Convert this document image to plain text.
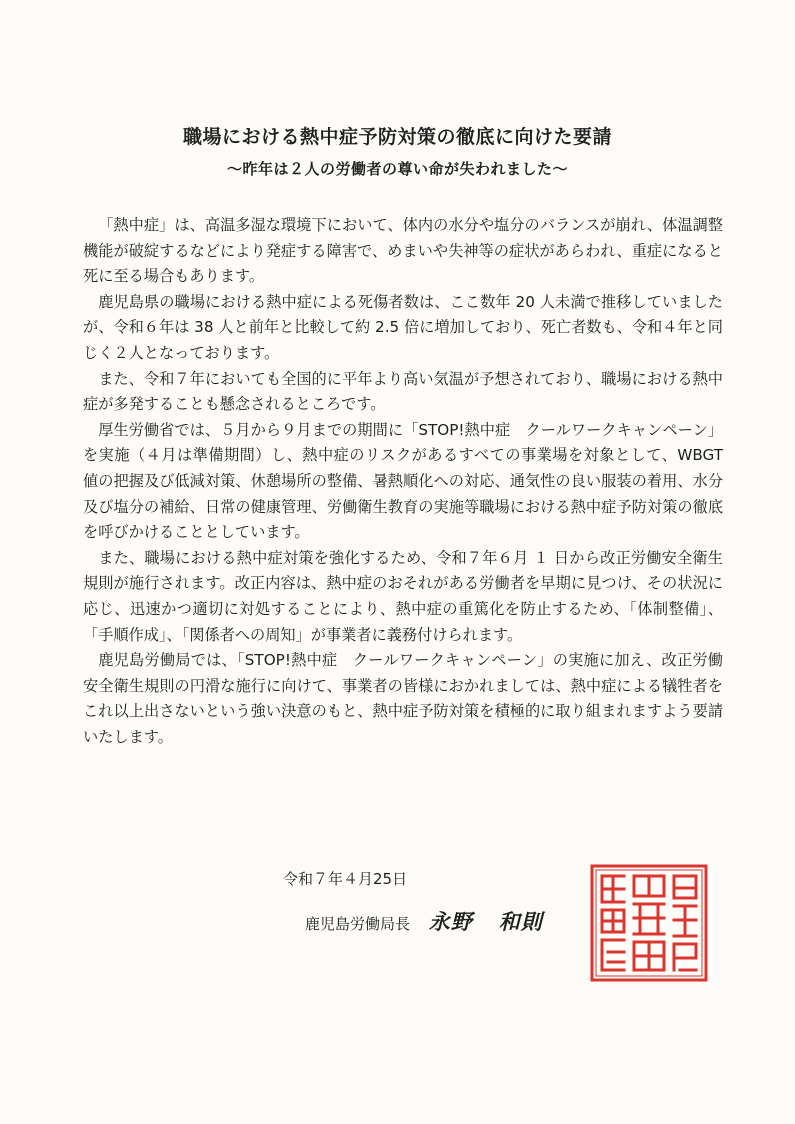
職場における熱中症予防対策の徹底に向けた要請
～昨年は２人の労働者の尊い命が失われました～

「熱中症」は、高温多湿な環境下において、体内の水分や塩分のバランスが崩れ、体温調整機能が破綻するなどにより発症する障害で、めまいや失神等の症状があらわれ、重症になると死に至る場合もあります。

鹿児島県の職場における熱中症による死傷者数は、ここ数年 20 人未満で推移していましたが、令和６年は 38 人と前年と比較して約 2.5 倍に増加しており、死亡者数も、令和４年と同じく２人となっております。

また、令和７年においても全国的に平年より高い気温が予想されており、職場における熱中症が多発することも懸念されるところです。

厚生労働省では、５月から９月までの期間に「STOP!熱中症　クールワークキャンペーン」を実施（４月は準備期間）し、熱中症のリスクがあるすべての事業場を対象として、WBGT 値の把握及び低減対策、休憩場所の整備、暑熱順化への対応、通気性の良い服装の着用、水分及び塩分の補給、日常の健康管理、労働衛生教育の実施等職場における熱中症予防対策の徹底を呼びかけることとしています。

また、職場における熱中症対策を強化するため、令和７年６月 １ 日から改正労働安全衛生規則が施行されます。改正内容は、熱中症のおそれがある労働者を早期に見つけ、その状況に応じ、迅速かつ適切に対処することにより、熱中症の重篤化を防止するため、「体制整備」、「手順作成」、「関係者への周知」が事業者に義務付けられます。

鹿児島労働局では、「STOP!熱中症　クールワークキャンペーン」の実施に加え、改正労働安全衛生規則の円滑な施行に向けて、事業者の皆様におかれましては、熱中症による犠牲者をこれ以上出さないという強い決意のもと、熱中症予防対策を積極的に取り組まれますよう要請いたします。

令和７年４月25日
鹿児島労働局長 永野 和則
